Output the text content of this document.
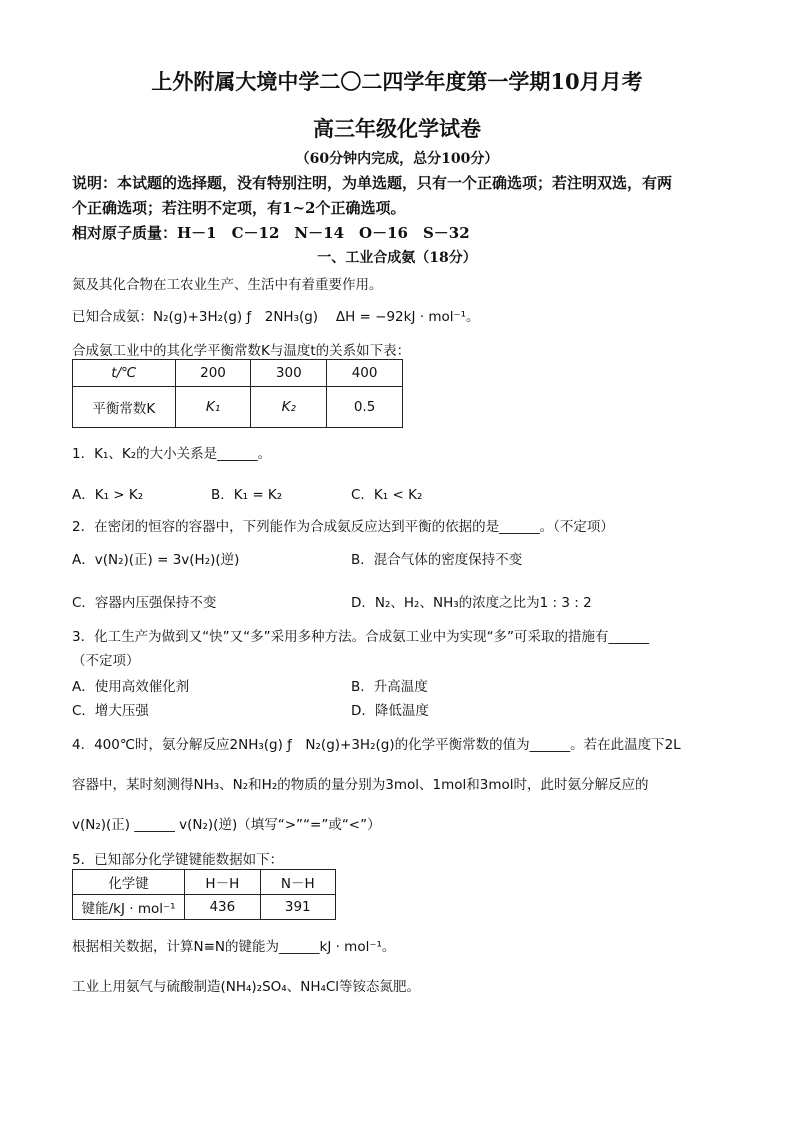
上外附属大境中学二〇二四学年度第一学期10月月考
高三年级化学试卷
（60分钟内完成，总分100分）
说明：本试题的选择题，没有特别注明，为单选题，只有一个正确选项；若注明双选，有两
个正确选项；若注明不定项，有1~2个正确选项。
相对原子质量：H－1　C－12　N－14　O－16　S－32
一、工业合成氨（18分）
氮及其化合物在工农业生产、生活中有着重要作用。
已知合成氨：N₂(g)+3H₂(g) ƒ　2NH₃(g)　 ΔH = −92kJ · mol⁻¹。
合成氨工业中的其化学平衡常数K与温度t的关系如下表：
t/℃	200	300	400
平衡常数K	K₁	K₂	0.5
1．K₁、K₂的大小关系是______。
A．K₁ > K₂	B．K₁ = K₂	C．K₁ < K₂
2．在密闭的恒容的容器中，下列能作为合成氨反应达到平衡的依据的是______。（不定项）
A．v(N₂)(正) = 3v(H₂)(逆)	B．混合气体的密度保持不变
C．容器内压强保持不变	D．N₂、H₂、NH₃的浓度之比为1 : 3 : 2
3．化工生产为做到又“快”又“多”采用多种方法。合成氨工业中为实现“多”可采取的措施有______
（不定项）
A．使用高效催化剂	B．升高温度
C．增大压强	D．降低温度
4．400℃时，氨分解反应2NH₃(g) ƒ　N₂(g)+3H₂(g)的化学平衡常数的值为______。若在此温度下2L
容器中，某时刻测得NH₃、N₂和H₂的物质的量分别为3mol、1mol和3mol时，此时氨分解反应的
v(N₂)(正) ______ v(N₂)(逆)（填写“>”“=”或“<”）
5．已知部分化学键键能数据如下：
化学键	H－H	N－H
键能/kJ · mol⁻¹	436	391
根据相关数据，计算N≡N的键能为______kJ · mol⁻¹。
工业上用氨气与硫酸制造(NH₄)₂SO₄、NH₄Cl等铵态氮肥。
